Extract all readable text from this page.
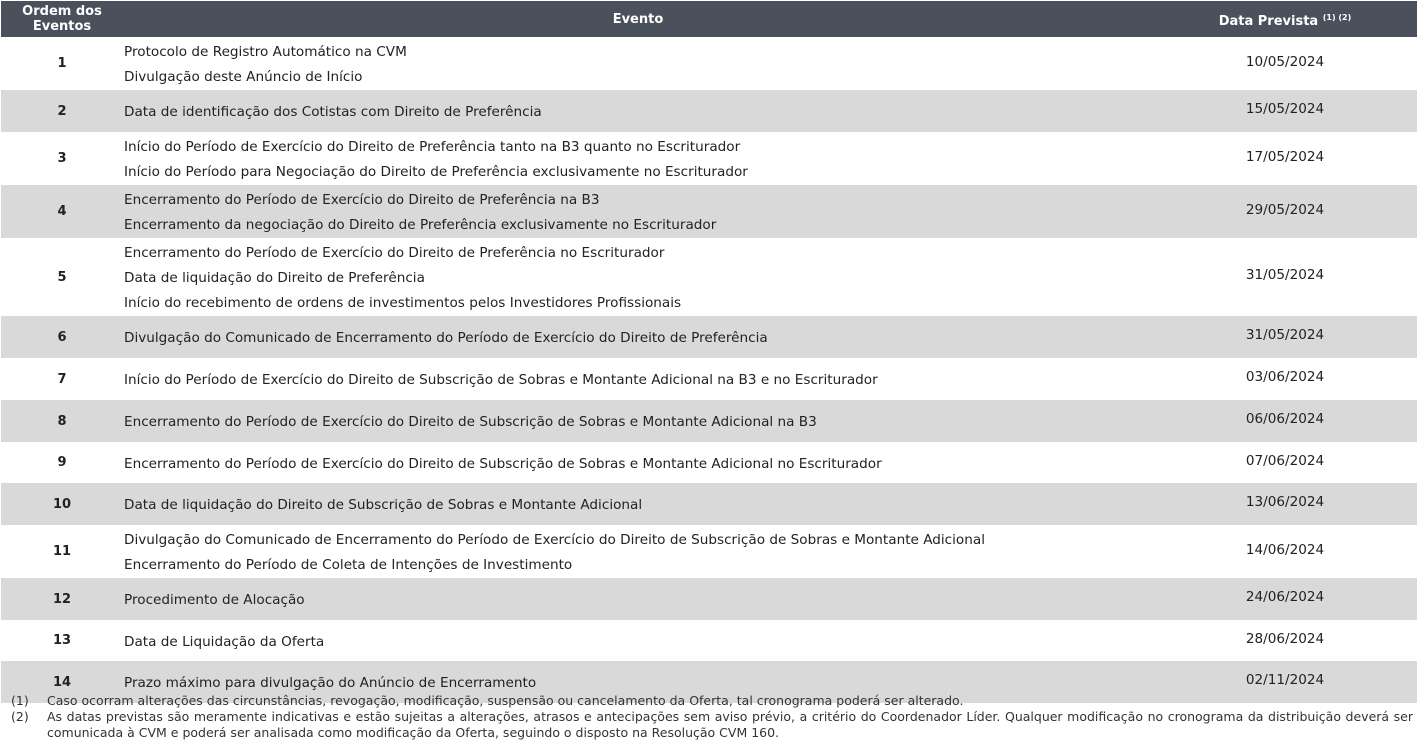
Ordem dos Eventos	Evento	Data Prevista $^{(1) (2)}$
1	Protocolo de Registro Automático na CVM
Divulgação deste Anúncio de Início	10/05/2024
2	Data de identificação dos Cotistas com Direito de Preferência	15/05/2024
3	Início do Período de Exercício do Direito de Preferência tanto na B3 quanto no Escriturador
Início do Período para Negociação do Direito de Preferência exclusivamente no Escriturador	17/05/2024
4	Encerramento do Período de Exercício do Direito de Preferência na B3
Encerramento da negociação do Direito de Preferência exclusivamente no Escriturador	29/05/2024
5	Encerramento do Período de Exercício do Direito de Preferência no Escriturador
Data de liquidação do Direito de Preferência
Início do recebimento de ordens de investimentos pelos Investidores Profissionais	31/05/2024
6	Divulgação do Comunicado de Encerramento do Período de Exercício do Direito de Preferência	31/05/2024
7	Início do Período de Exercício do Direito de Subscrição de Sobras e Montante Adicional na B3 e no Escriturador	03/06/2024
8	Encerramento do Período de Exercício do Direito de Subscrição de Sobras e Montante Adicional na B3	06/06/2024
9	Encerramento do Período de Exercício do Direito de Subscrição de Sobras e Montante Adicional no Escriturador	07/06/2024
10	Data de liquidação do Direito de Subscrição de Sobras e Montante Adicional	13/06/2024
11	Divulgação do Comunicado de Encerramento do Período de Exercício do Direito de Subscrição de Sobras e Montante Adicional
Encerramento do Período de Coleta de Intenções de Investimento	14/06/2024
12	Procedimento de Alocação	24/06/2024
13	Data de Liquidação da Oferta	28/06/2024
14	Prazo máximo para divulgação do Anúncio de Encerramento	02/11/2024
(1) Caso ocorram alterações das circunstâncias, revogação, modificação, suspensão ou cancelamento da Oferta, tal cronograma poderá ser alterado.
(2) As datas previstas são meramente indicativas e estão sujeitas a alterações, atrasos e antecipações sem aviso prévio, a critério do Coordenador Líder. Qualquer modificação no cronograma da distribuição deverá ser comunicada à CVM e poderá ser analisada como modificação da Oferta, seguindo o disposto na Resolução CVM 160.
